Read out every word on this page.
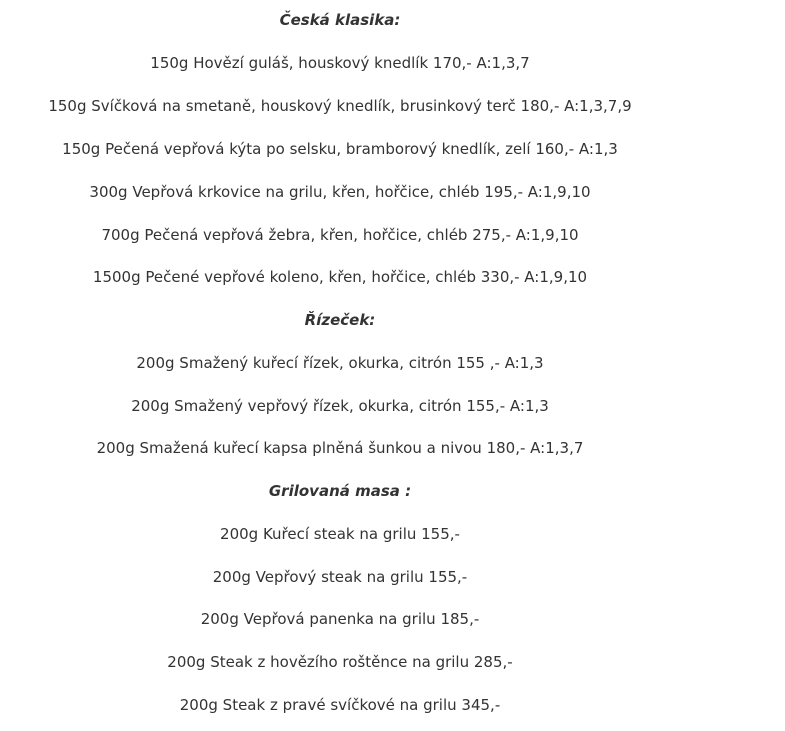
Česká klasika:
150g Hovězí guláš, houskový knedlík 170,- A:1,3,7
150g Svíčková na smetaně, houskový knedlík, brusinkový terč 180,- A:1,3,7,9
150g Pečená vepřová kýta po selsku, bramborový knedlík, zelí 160,- A:1,3
300g Vepřová krkovice na grilu, křen, hořčice, chléb 195,- A:1,9,10
700g Pečená vepřová žebra, křen, hořčice, chléb 275,- A:1,9,10
1500g Pečené vepřové koleno, křen, hořčice, chléb 330,- A:1,9,10
Řízeček:
200g Smažený kuřecí řízek, okurka, citrón 155 ,- A:1,3
200g Smažený vepřový řízek, okurka, citrón 155,- A:1,3
200g Smažená kuřecí kapsa plněná šunkou a nivou 180,- A:1,3,7
Grilovaná masa :
200g Kuřecí steak na grilu 155,-
200g Vepřový steak na grilu 155,-
200g Vepřová panenka na grilu 185,-
200g Steak z hovězího roštěnce na grilu 285,-
200g Steak z pravé svíčkové na grilu 345,-
